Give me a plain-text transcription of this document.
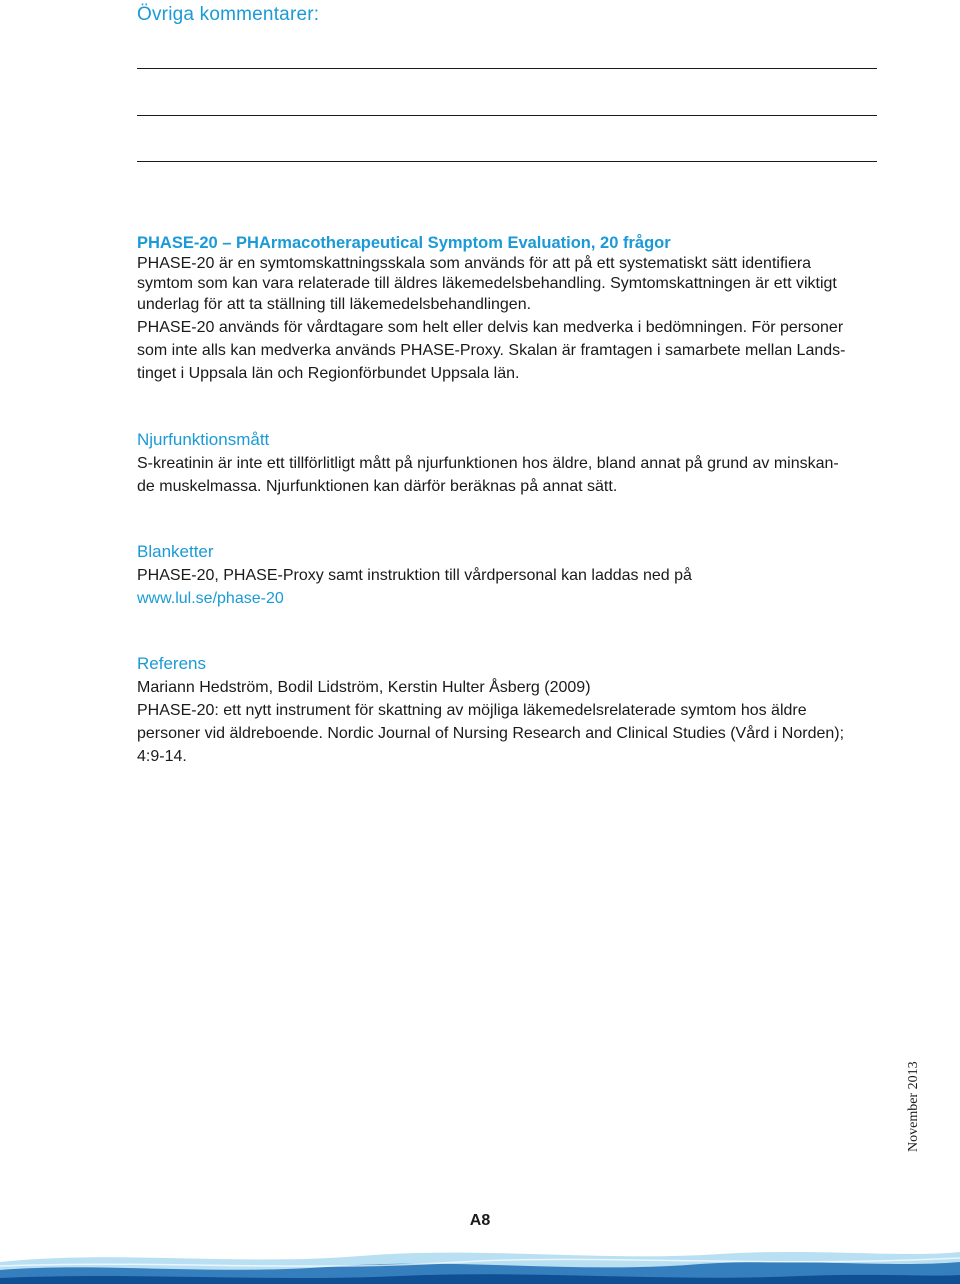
Övriga kommentarer:

PHASE-20 – PHArmacotherapeutical Symptom Evaluation, 20 frågor

PHASE-20 är en symtomskattningsskala som används för att på ett systematiskt sätt identifiera

symtom som kan vara relaterade till äldres läkemedelsbehandling. Symtomskattningen är ett viktigt

underlag för att ta ställning till läkemedelsbehandlingen.

PHASE-20 används för vårdtagare som helt eller delvis kan medverka i bedömningen. För personer

som inte alls kan medverka används PHASE-Proxy. Skalan är framtagen i samarbete mellan Lands-

tinget i Uppsala län och Regionförbundet Uppsala län.

Njurfunktionsmått

S-kreatinin är inte ett tillförlitligt mått på njurfunktionen hos äldre, bland annat på grund av minskan-

de muskelmassa. Njurfunktionen kan därför beräknas på annat sätt.

Blanketter

PHASE-20, PHASE-Proxy samt instruktion till vårdpersonal kan laddas ned på

www.lul.se/phase-20

Referens

Mariann Hedström, Bodil Lidström, Kerstin Hulter Åsberg (2009)

PHASE-20: ett nytt instrument för skattning av möjliga läkemedelsrelaterade symtom hos äldre

personer vid äldreboende. Nordic Journal of Nursing Research and Clinical Studies (Vård i Norden);

4:9-14.

November 2013
A8
